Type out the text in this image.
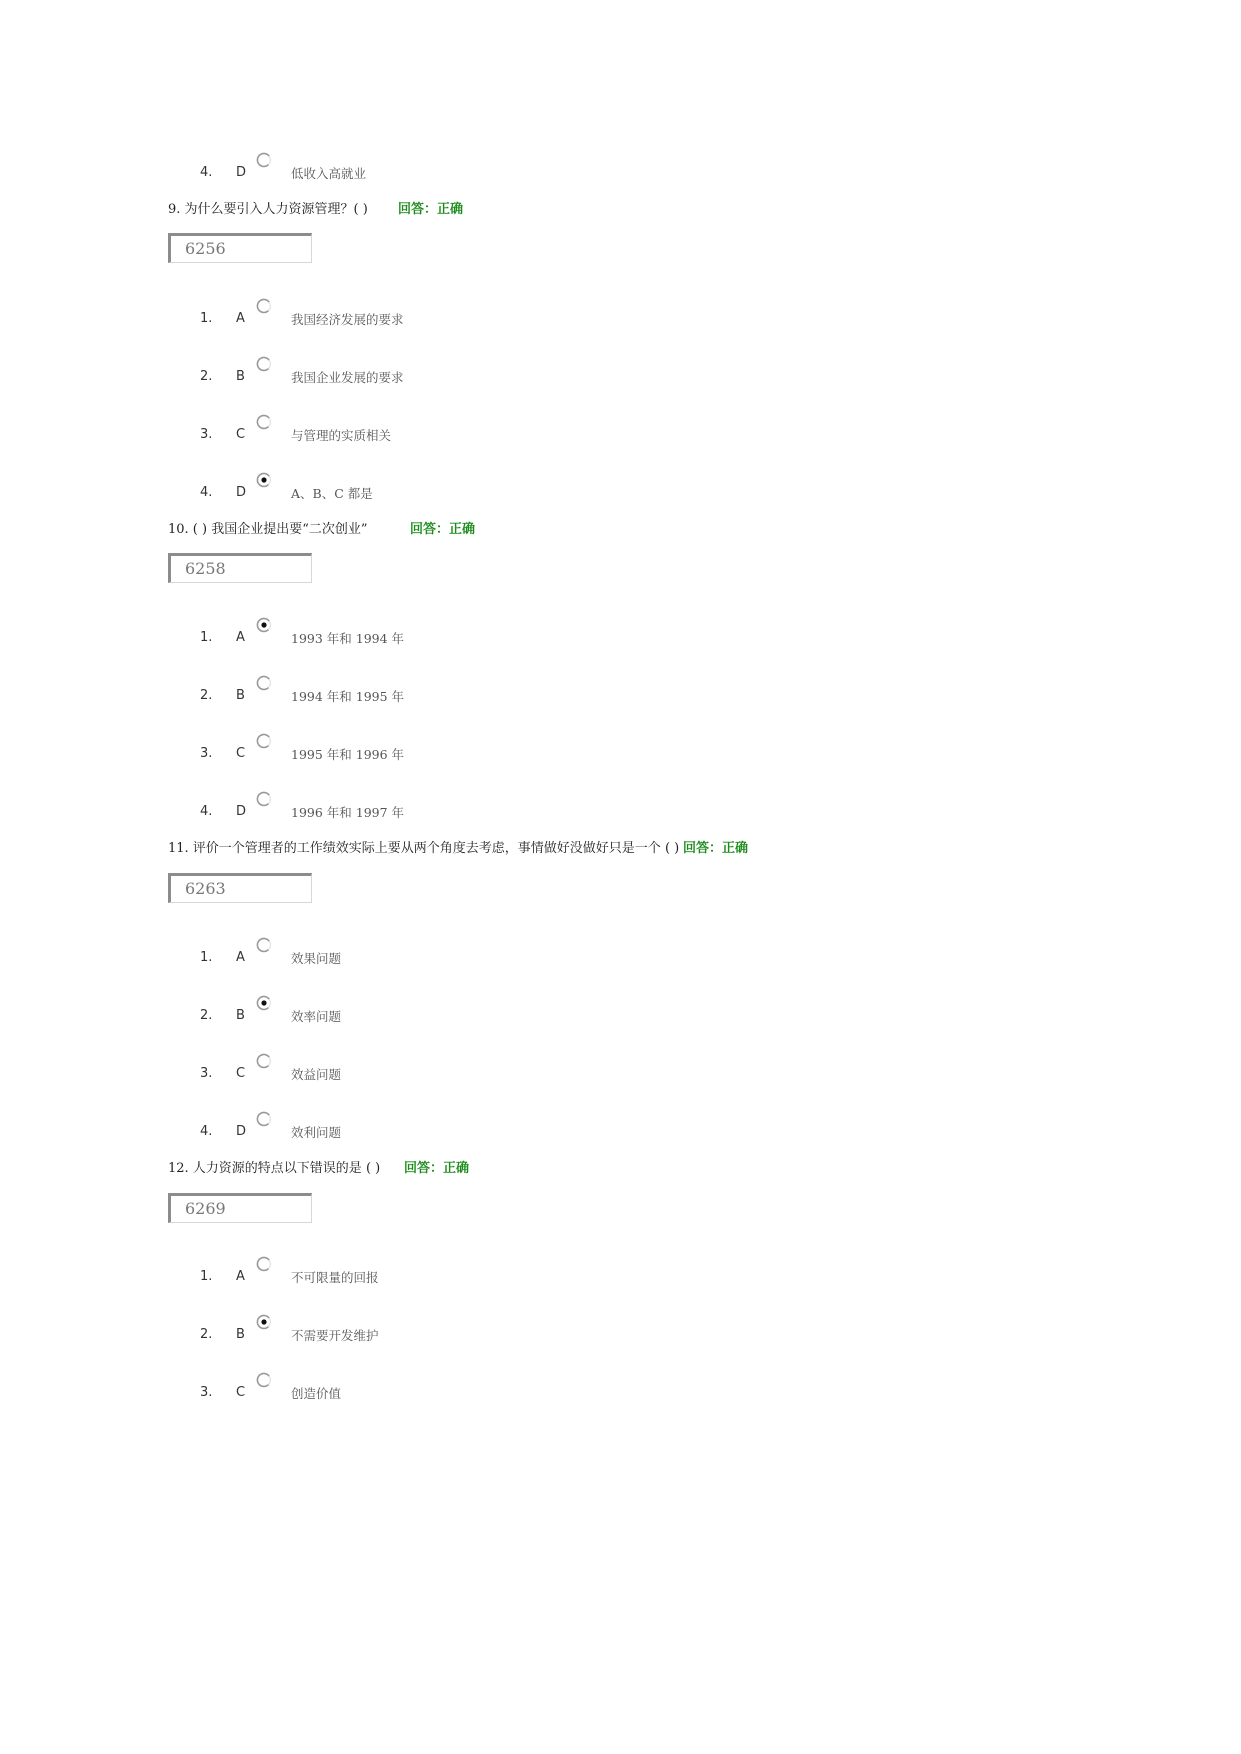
4. D	低收入高就业
9. 为什么要引入人力资源管理？( ) 回答：正确
6256
1. A	我国经济发展的要求
2. B	我国企业发展的要求
3. C	与管理的实质相关
4. D	A、B、C 都是
10. ( ) 我国企业提出要“二次创业”	回答：正确
6258
1. A	1993 年和 1994 年
2. B	1994 年和 1995 年
3. C	1995 年和 1996 年
4. D	1996 年和 1997 年
11. 评价一个管理者的工作绩效实际上要从两个角度去考虑，事情做好没做好只是一个 ( ) 回答：正确
6263
1. A	效果问题
2. B	效率问题
3. C	效益问题
4. D	效利问题
12. 人力资源的特点以下错误的是 ( ) 回答：正确
6269
1. A	不可限量的回报
2. B	不需要开发维护
3. C	创造价值
